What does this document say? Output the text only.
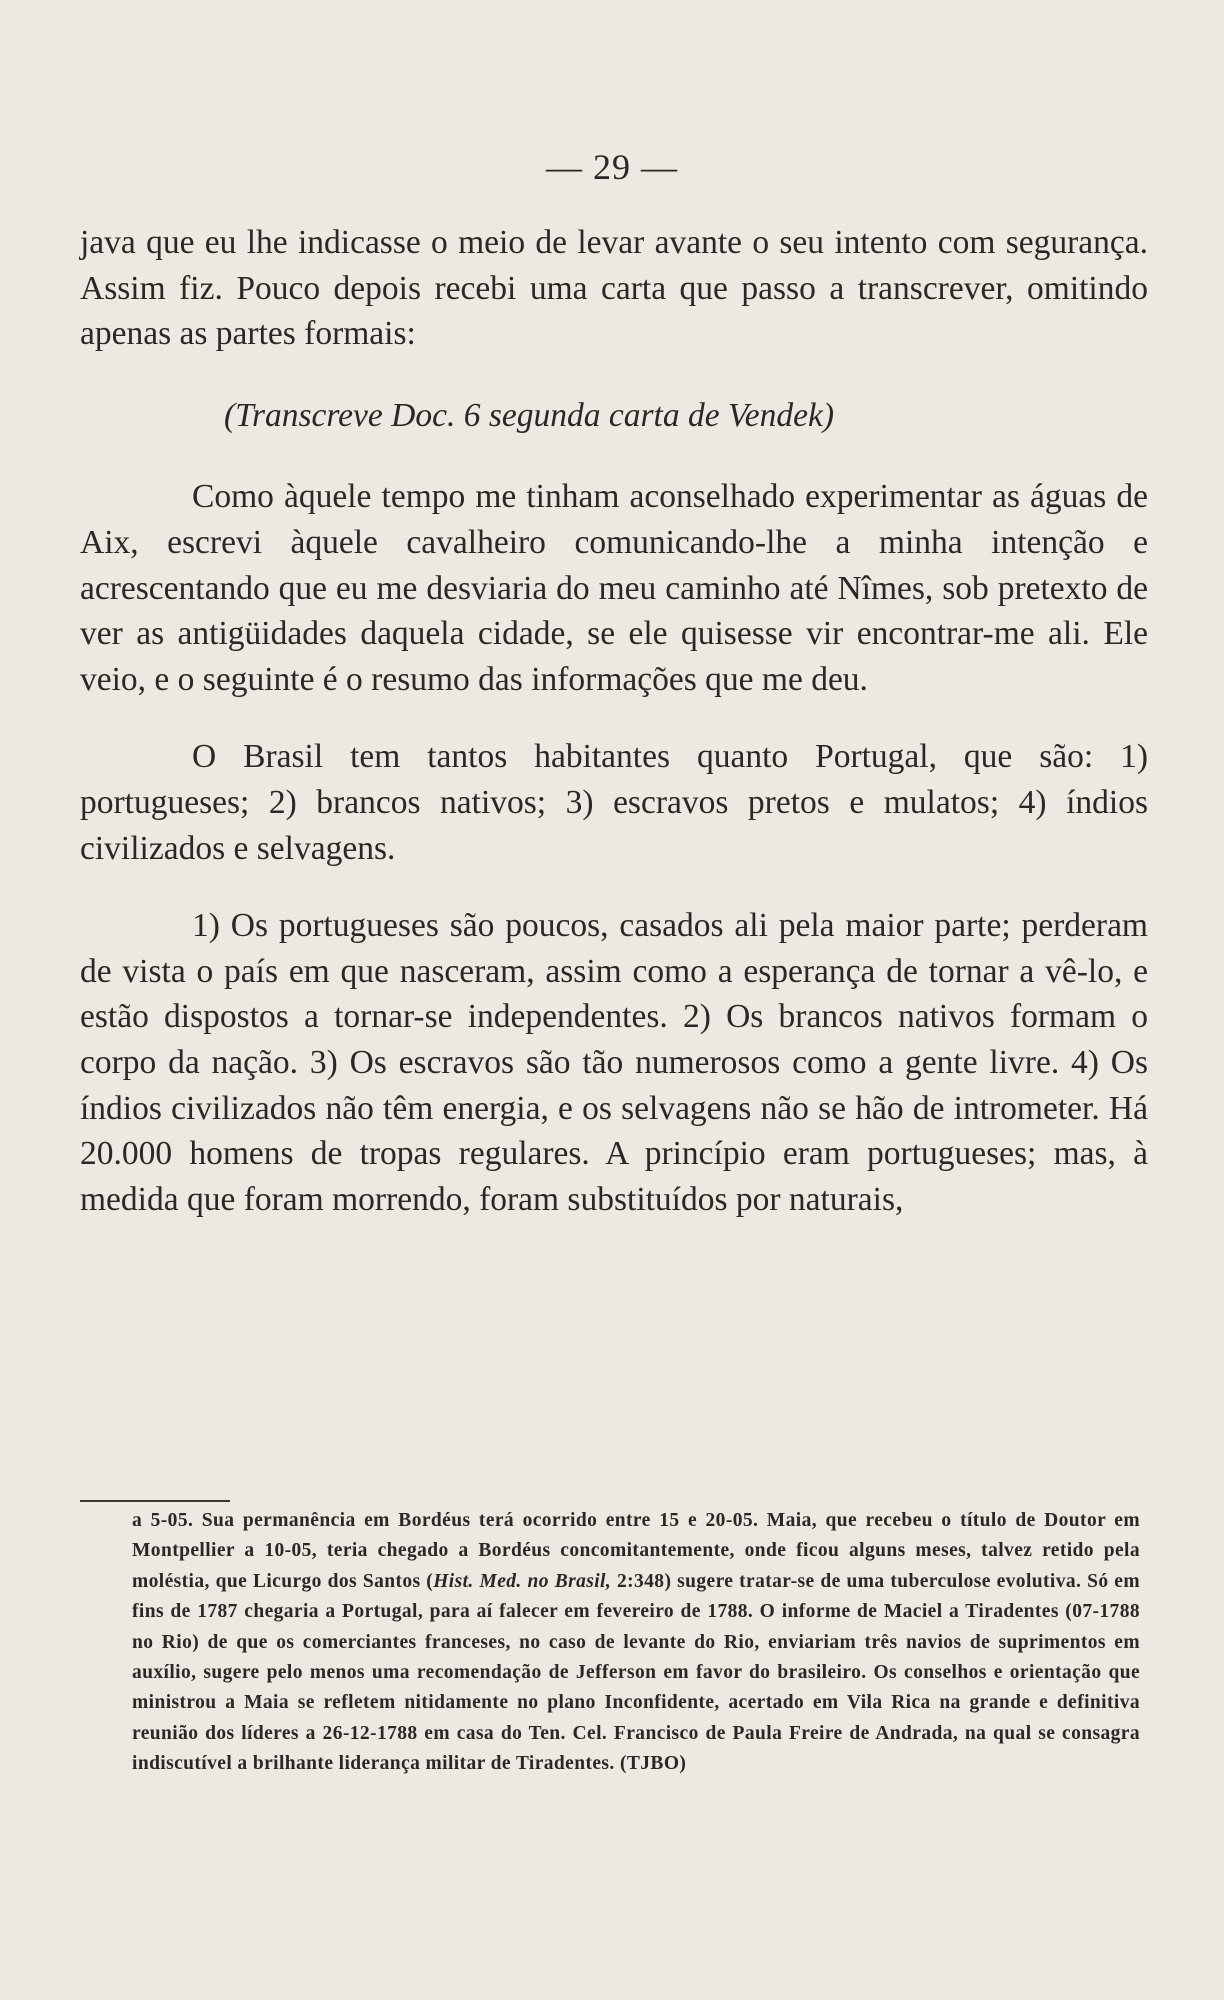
— 29 —

java que eu lhe indicasse o meio de levar avante o seu intento com segurança. Assim fiz. Pouco depois recebi uma carta que passo a transcrever, omitindo apenas as partes formais:

(Transcreve Doc. 6 segunda carta de Vendek)

Como àquele tempo me tinham aconselhado experimentar as águas de Aix, escrevi àquele cavalheiro comunicando-lhe a minha intenção e acrescentando que eu me desviaria do meu caminho até Nîmes, sob pretexto de ver as antigüidades daquela cidade, se ele quisesse vir encontrar-me ali. Ele veio, e o seguinte é o resumo das informações que me deu.

O Brasil tem tantos habitantes quanto Portugal, que são: 1) portugueses; 2) brancos nativos; 3) escravos pretos e mulatos; 4) índios civilizados e selvagens.

1) Os portugueses são poucos, casados ali pela maior parte; perderam de vista o país em que nasceram, assim como a esperança de tornar a vê-lo, e estão dispostos a tornar-se independentes. 2) Os brancos nativos formam o corpo da nação. 3) Os escravos são tão numerosos como a gente livre. 4) Os índios civilizados não têm energia, e os selvagens não se hão de intrometer. Há 20.000 homens de tropas regulares. A princípio eram portugueses; mas, à medida que foram morrendo, foram substituídos por naturais,

a 5-05. Sua permanência em Bordéus terá ocorrido entre 15 e 20-05. Maia, que recebeu o título de Doutor em Montpellier a 10-05, teria chegado a Bordéus concomitantemente, onde ficou alguns meses, talvez retido pela moléstia, que Licurgo dos Santos (Hist. Med. no Brasil, 2:348) sugere tratar-se de uma tuberculose evolutiva. Só em fins de 1787 chegaria a Portugal, para aí falecer em fevereiro de 1788. O informe de Maciel a Tiradentes (07-1788 no Rio) de que os comerciantes franceses, no caso de levante do Rio, enviariam três navios de suprimentos em auxílio, sugere pelo menos uma recomendação de Jefferson em favor do brasileiro. Os conselhos e orientação que ministrou a Maia se refletem nitidamente no plano Inconfidente, acertado em Vila Rica na grande e definitiva reunião dos líderes a 26-12-1788 em casa do Ten. Cel. Francisco de Paula Freire de Andrada, na qual se consagra indiscutível a brilhante liderança militar de Tiradentes. (TJBO)
